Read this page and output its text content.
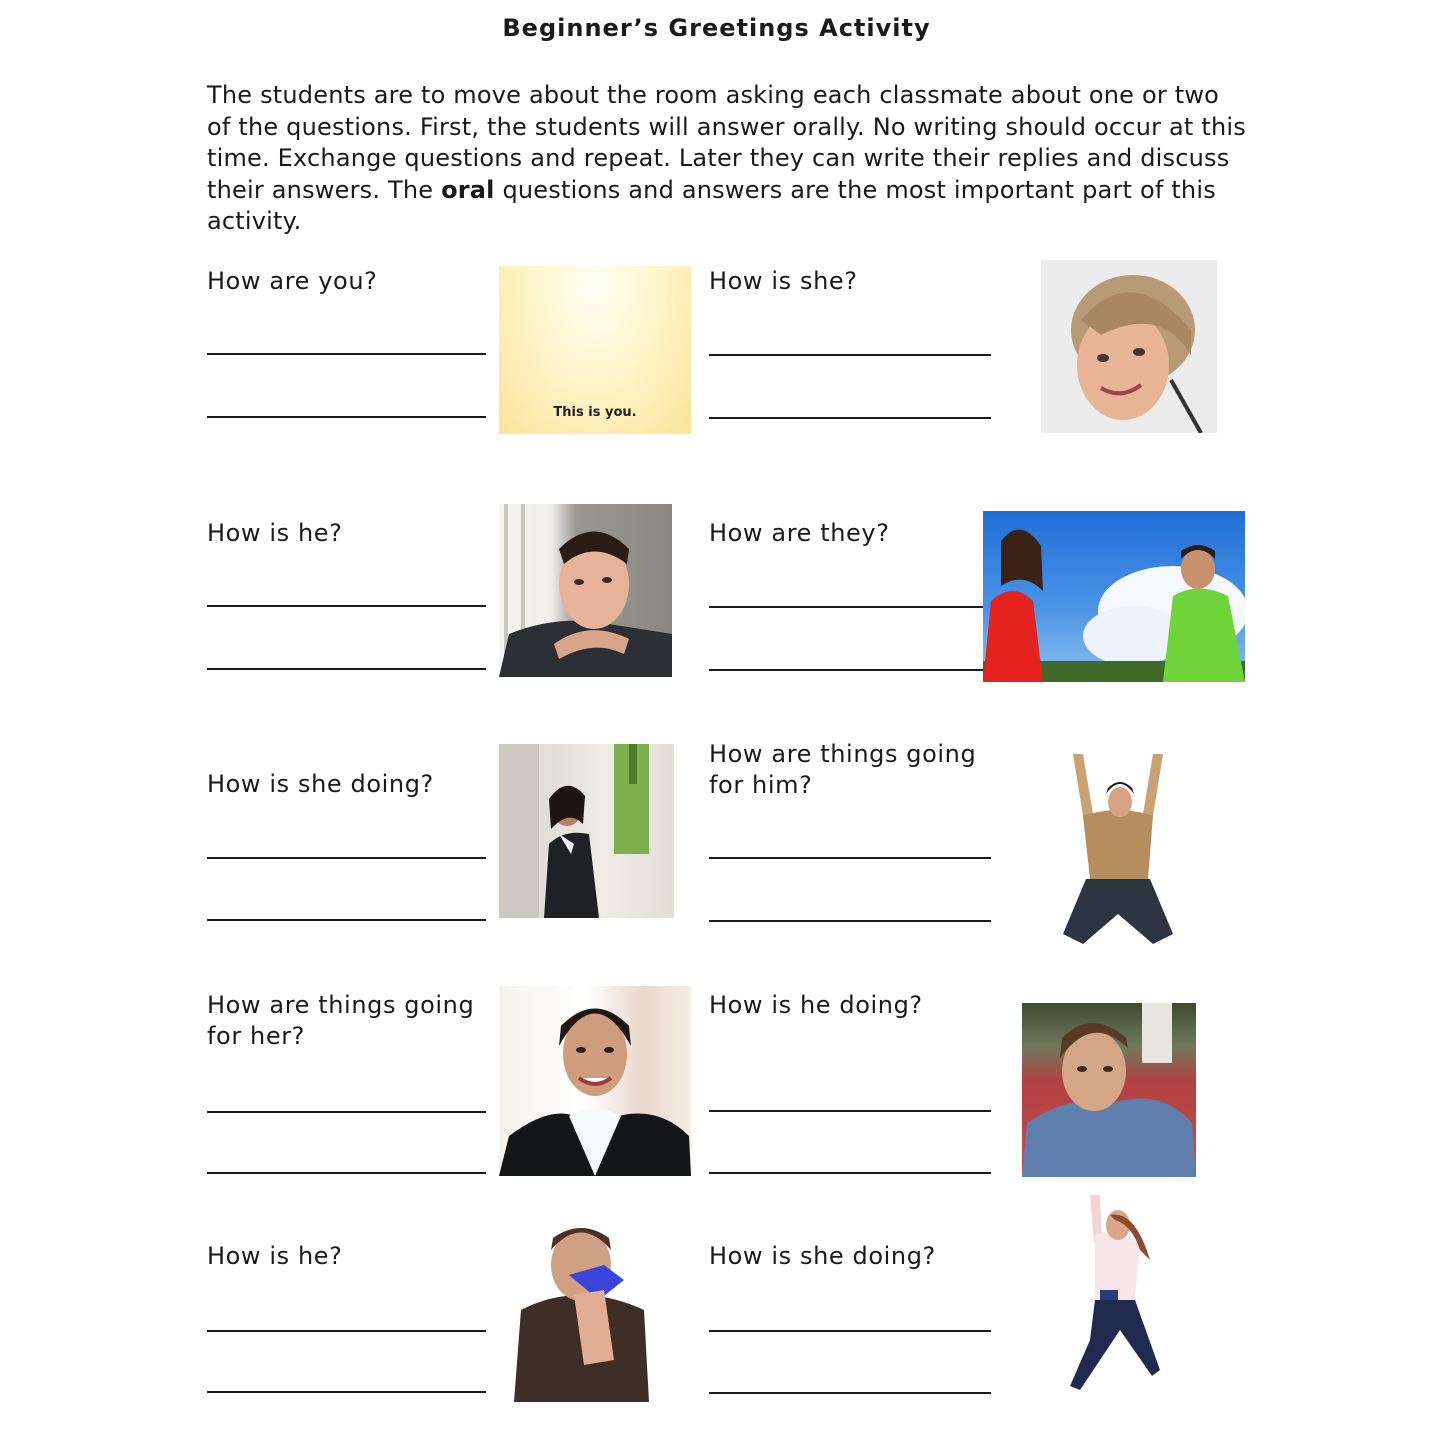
Beginner’s Greetings Activity

The students are to move about the room asking each classmate about one or two of the questions. First, the students will answer orally. No writing should occur at this time. Exchange questions and repeat. Later they can write their replies and discuss their answers. The oral questions and answers are the most important part of this activity.

How are you?
This is you.
How is she?
How is he?	How are they?
How is she doing?
How are things going for him?
How are things going for her?
How is he doing?
How is he?	How is she doing?
